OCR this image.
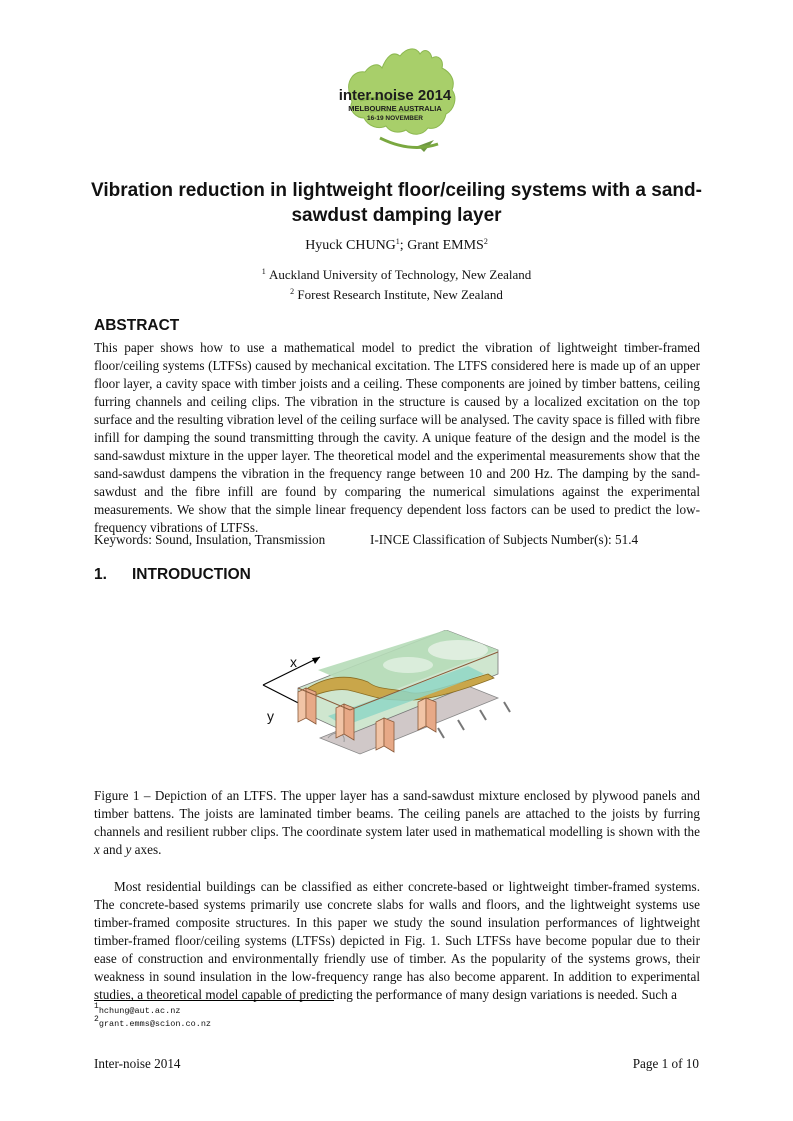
inter.noise 2014
MELBOURNE AUSTRALIA
16-19 NOVEMBER
Vibration reduction in lightweight floor/ceiling systems with a sand-sawdust damping layer
Hyuck CHUNG$^1$; Grant EMMS$^2$
$^1$ Auckland University of Technology, New Zealand
$^2$ Forest Research Institute, New Zealand
ABSTRACT
This paper shows how to use a mathematical model to predict the vibration of lightweight timber-framed floor/ceiling systems (LTFSs) caused by mechanical excitation. The LTFS considered here is made up of an upper floor layer, a cavity space with timber joists and a ceiling. These components are joined by timber battens, ceiling furring channels and ceiling clips. The vibration in the structure is caused by a localized excitation on the top surface and the resulting vibration level of the ceiling surface will be analysed. The cavity space is filled with fibre infill for damping the sound transmitting through the cavity. A unique feature of the design and the model is the sand-sawdust mixture in the upper layer. The theoretical model and the experimental measurements show that the sand-sawdust dampens the vibration in the frequency range between 10 and 200 Hz. The damping by the sand-sawdust and the fibre infill are found by comparing the numerical simulations against the experimental measurements. We show that the simple linear frequency dependent loss factors can be used to predict the low-frequency vibrations of LTFSs.
Keywords: Sound, Insulation, Transmission	I-INCE Classification of Subjects Number(s): 51.4
1. INTRODUCTION
x
y
Figure 1 – Depiction of an LTFS. The upper layer has a sand-sawdust mixture enclosed by plywood panels and timber battens. The joists are laminated timber beams. The ceiling panels are attached to the joists by furring channels and resilient rubber clips. The coordinate system later used in mathematical modelling is shown with the x and y axes.
Most residential buildings can be classified as either concrete-based or lightweight timber-framed systems. The concrete-based systems primarily use concrete slabs for walls and floors, and the lightweight systems use timber-framed composite structures. In this paper we study the sound insulation performances of lightweight timber-framed floor/ceiling systems (LTFSs) depicted in Fig. 1. Such LTFSs have become popular due to their ease of construction and environmentally friendly use of timber. As the popularity of the systems grows, their weakness in sound insulation in the low-frequency range has also become apparent. In addition to experimental studies, a theoretical model capable of predicting the performance of many design variations is needed. Such a
$^1$hchung@aut.ac.nz
$^2$grant.emms@scion.co.nz
Inter-noise 2014	Page 1 of 10
